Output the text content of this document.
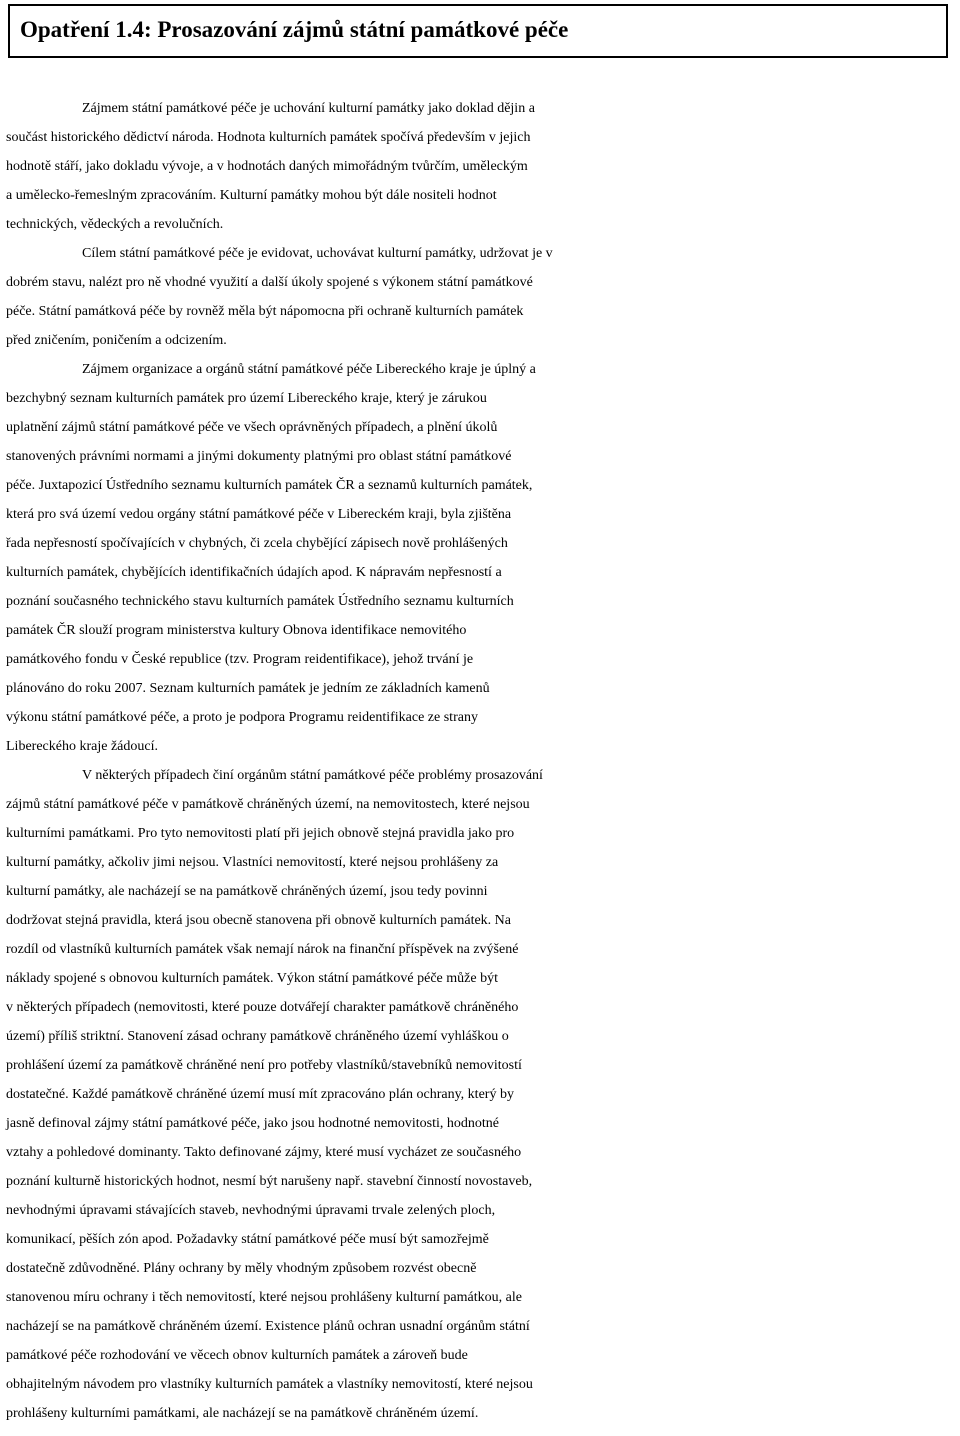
Opatření 1.4: Prosazování zájmů státní památkové péče
Zájmem státní památkové péče je uchování kulturní památky jako doklad dějin a
součást historického dědictví národa. Hodnota kulturních památek spočívá především v jejich
hodnotě stáří, jako dokladu vývoje, a v hodnotách daných mimořádným tvůrčím, uměleckým
a umělecko-řemeslným zpracováním. Kulturní památky mohou být dále nositeli hodnot
technických, vědeckých a revolučních.
Cílem státní památkové péče je evidovat, uchovávat kulturní památky, udržovat je v
dobrém stavu, nalézt pro ně vhodné využití a další úkoly spojené s výkonem státní památkové
péče. Státní památková péče by rovněž měla být nápomocna při ochraně kulturních památek
před zničením, poničením a odcizením.
Zájmem organizace a orgánů státní památkové péče Libereckého kraje je úplný a
bezchybný seznam kulturních památek pro území Libereckého kraje, který je zárukou
uplatnění zájmů státní památkové péče ve všech oprávněných případech, a plnění úkolů
stanovených právními normami a jinými dokumenty platnými pro oblast státní památkové
péče. Juxtapozicí Ústředního seznamu kulturních památek ČR a seznamů kulturních památek,
která pro svá území vedou orgány státní památkové péče v Libereckém kraji, byla zjištěna
řada nepřesností spočívajících v chybných, či zcela chybějící zápisech nově prohlášených
kulturních památek, chybějících identifikačních údajích apod. K nápravám nepřesností a
poznání současného technického stavu kulturních památek Ústředního seznamu kulturních
památek ČR slouží program ministerstva kultury Obnova identifikace nemovitého
památkového fondu v České republice (tzv. Program reidentifikace), jehož trvání je
plánováno do roku 2007. Seznam kulturních památek je jedním ze základních kamenů
výkonu státní památkové péče, a proto je podpora Programu reidentifikace ze strany
Libereckého kraje žádoucí.
V některých případech činí orgánům státní památkové péče problémy prosazování
zájmů státní památkové péče v památkově chráněných území, na nemovitostech, které nejsou
kulturními památkami. Pro tyto nemovitosti platí při jejich obnově stejná pravidla jako pro
kulturní památky, ačkoliv jimi nejsou. Vlastníci nemovitostí, které nejsou prohlášeny za
kulturní památky, ale nacházejí se na památkově chráněných území, jsou tedy povinni
dodržovat stejná pravidla, která jsou obecně stanovena při obnově kulturních památek. Na
rozdíl od vlastníků kulturních památek však nemají nárok na finanční příspěvek na zvýšené
náklady spojené s obnovou kulturních památek. Výkon státní památkové péče může být
v některých případech (nemovitosti, které pouze dotvářejí charakter památkově chráněného
území) příliš striktní. Stanovení zásad ochrany památkově chráněného území vyhláškou o
prohlášení území za památkově chráněné není pro potřeby vlastníků/stavebníků nemovitostí
dostatečné. Každé památkově chráněné území musí mít zpracováno plán ochrany, který by
jasně definoval zájmy státní památkové péče, jako jsou hodnotné nemovitosti, hodnotné
vztahy a pohledové dominanty. Takto definované zájmy, které musí vycházet ze současného
poznání kulturně historických hodnot, nesmí být narušeny např. stavební činností novostaveb,
nevhodnými úpravami stávajících staveb, nevhodnými úpravami trvale zelených ploch,
komunikací, pěších zón apod. Požadavky státní památkové péče musí být samozřejmě
dostatečně zdůvodněné. Plány ochrany by měly vhodným způsobem rozvést obecně
stanovenou míru ochrany i těch nemovitostí, které nejsou prohlášeny kulturní památkou, ale
nacházejí se na památkově chráněném území. Existence plánů ochran usnadní orgánům státní
památkové péče rozhodování ve věcech obnov kulturních památek a zároveň bude
obhajitelným návodem pro vlastníky kulturních památek a vlastníky nemovitostí, které nejsou
prohlášeny kulturními památkami, ale nacházejí se na památkově chráněném území.
